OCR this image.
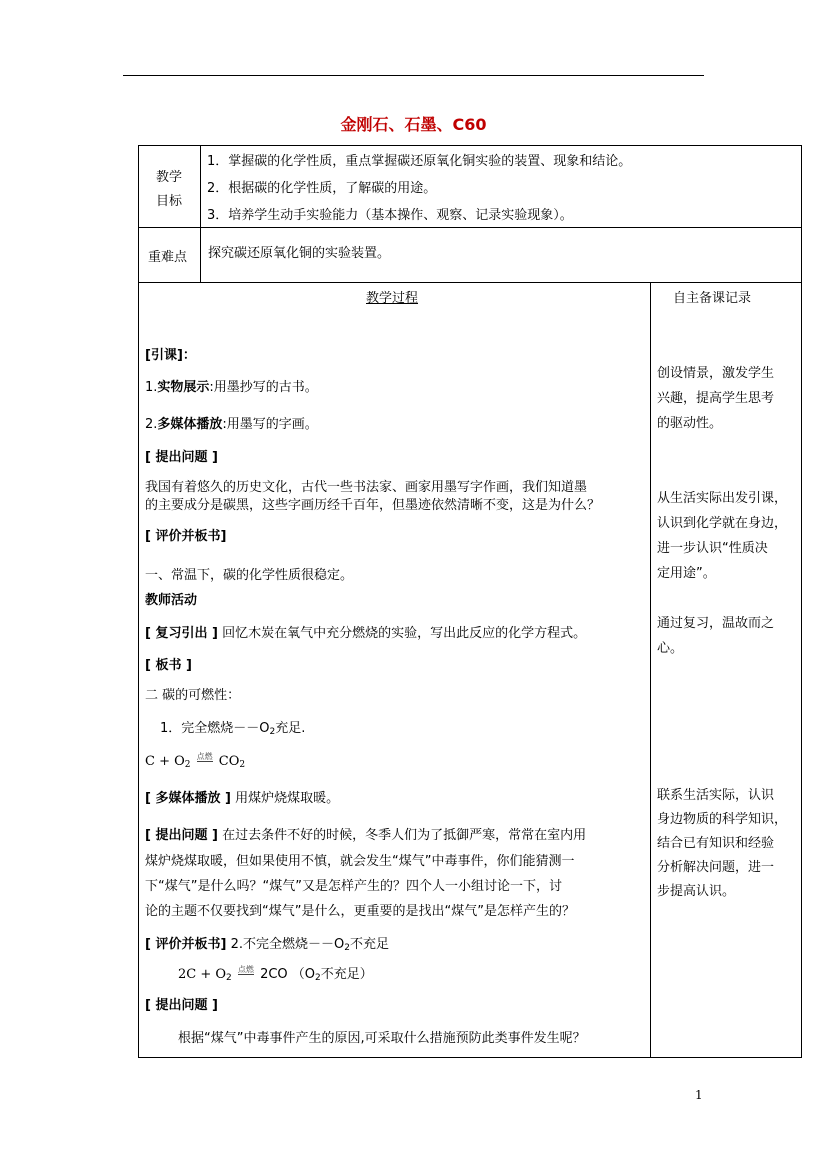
金刚石、石墨、C60
教学
目标
1．掌握碳的化学性质，重点掌握碳还原氧化铜实验的装置、现象和结论。
2．根据碳的化学性质，了解碳的用途。
3．培养学生动手实验能力（基本操作、观察、记录实验现象）。
重难点 探究碳还原氧化铜的实验装置。
教学过程	自主备课记录
[引课]：
1.实物展示:用墨抄写的古书。
2.多媒体播放:用墨写的字画。
[ 提出问题 ]
我国有着悠久的历史文化，古代一些书法家、画家用墨写字作画，我们知道墨
的主要成分是碳黑，这些字画历经千百年，但墨迹依然清晰不变，这是为什么？
[ 评价并板书]
一、常温下，碳的化学性质很稳定。
教师活动
[ 复习引出 ] 回忆木炭在氧气中充分燃烧的实验，写出此反应的化学方程式。
[ 板书 ]
二 碳的可燃性：
1．完全燃烧$--O_2$充足.
$C + O_2$ 点燃 $CO_2$
[ 多媒体播放 ] 用煤炉烧煤取暖。
[ 提出问题 ] 在过去条件不好的时候，冬季人们为了抵御严寒，常常在室内用
煤炉烧煤取暖，但如果使用不慎，就会发生“煤气”中毒事件，你们能猜测一
下“煤气”是什么吗？“煤气”又是怎样产生的？四个人一小组讨论一下，讨
论的主题不仅要找到“煤气”是什么，更重要的是找出“煤气”是怎样产生的？
[ 评价并板书] 2.不完全燃烧$--O_2$不充足
$2C + O_2$ 点燃 2CO （$O_2$不充足）
[ 提出问题 ]
根据“煤气”中毒事件产生的原因,可采取什么措施预防此类事件发生呢？
创设情景，激发学生
兴趣，提高学生思考
的驱动性。
从生活实际出发引课，
认识到化学就在身边，
进一步认识“性质决
定用途”。
通过复习，温故而之
心。
联系生活实际，认识
身边物质的科学知识，
结合已有知识和经验
分析解决问题，进一
步提高认识。
1
